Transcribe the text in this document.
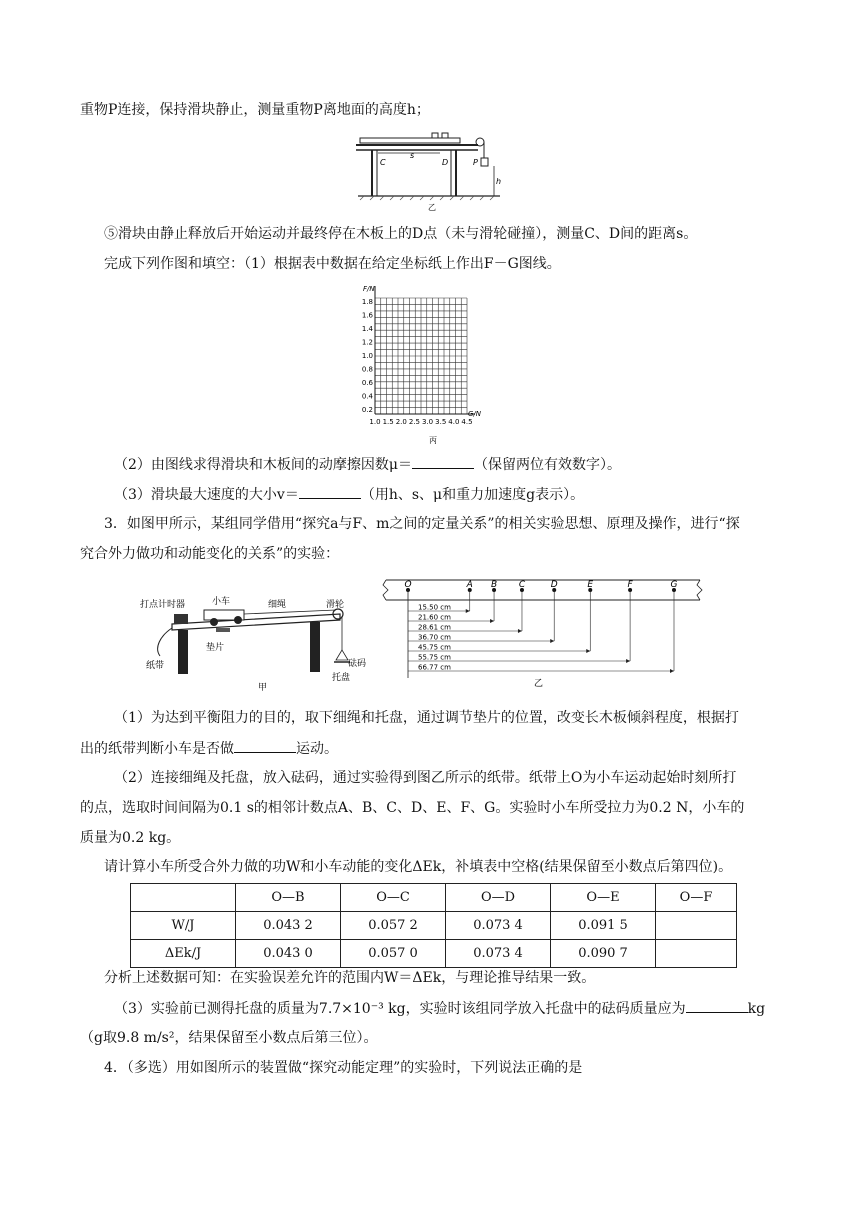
重物P连接，保持滑块静止，测量重物P离地面的高度h；
C
s
D	P
h
乙
⑤滑块由静止释放后开始运动并最终停在木板上的D点（未与滑轮碰撞），测量C、D间的距离s。
完成下列作图和填空：（1）根据表中数据在给定坐标纸上作出F－G图线。
1.8
1.6
1.4
1.2
1.0
0.8
0.6
0.4
0.2
1.0 1.5 2.0 2.5 3.0 3.5 4.0 4.5
F/N
G/N
丙
（2）由图线求得滑块和木板间的动摩擦因数μ＝	（保留两位有效数字）。
（3）滑块最大速度的大小v＝	（用h、s、μ和重力加速度g表示）。
3．如图甲所示，某组同学借用“探究a与F、m之间的定量关系”的相关实验思想、原理及操作，进行“探
究合外力做功和动能变化的关系”的实验：
打点计时器	小车	细绳	滑轮
纸带
垫片
砝码
托盘
甲
O	A B C	D	E	F	G
15.50 cm
21.60 cm
28.61 cm
36.70 cm
45.75 cm
55.75 cm
66.77 cm
乙
（1）为达到平衡阻力的目的，取下细绳和托盘，通过调节垫片的位置，改变长木板倾斜程度，根据打
出的纸带判断小车是否做	运动。
（2）连接细绳及托盘，放入砝码，通过实验得到图乙所示的纸带。纸带上O为小车运动起始时刻所打
的点，选取时间间隔为0.1 s的相邻计数点A、B、C、D、E、F、G。实验时小车所受拉力为0.2 N，小车的
质量为0.2 kg。
请计算小车所受合外力做的功W和小车动能的变化ΔEk，补填表中空格(结果保留至小数点后第四位)。
	O—B	O—C	O—D	O—E	O—F
W/J	0.043 2	0.057 2	0.073 4	0.091 5	
ΔEk/J	0.043 0	0.057 0	0.073 4	0.090 7	
分析上述数据可知：在实验误差允许的范围内W＝ΔEk，与理论推导结果一致。
（3）实验前已测得托盘的质量为7.7×10⁻³ kg，实验时该组同学放入托盘中的砝码质量应为	kg
（g取9.8 m/s²，结果保留至小数点后第三位）。
4．（多选）用如图所示的装置做“探究动能定理”的实验时，下列说法正确的是
